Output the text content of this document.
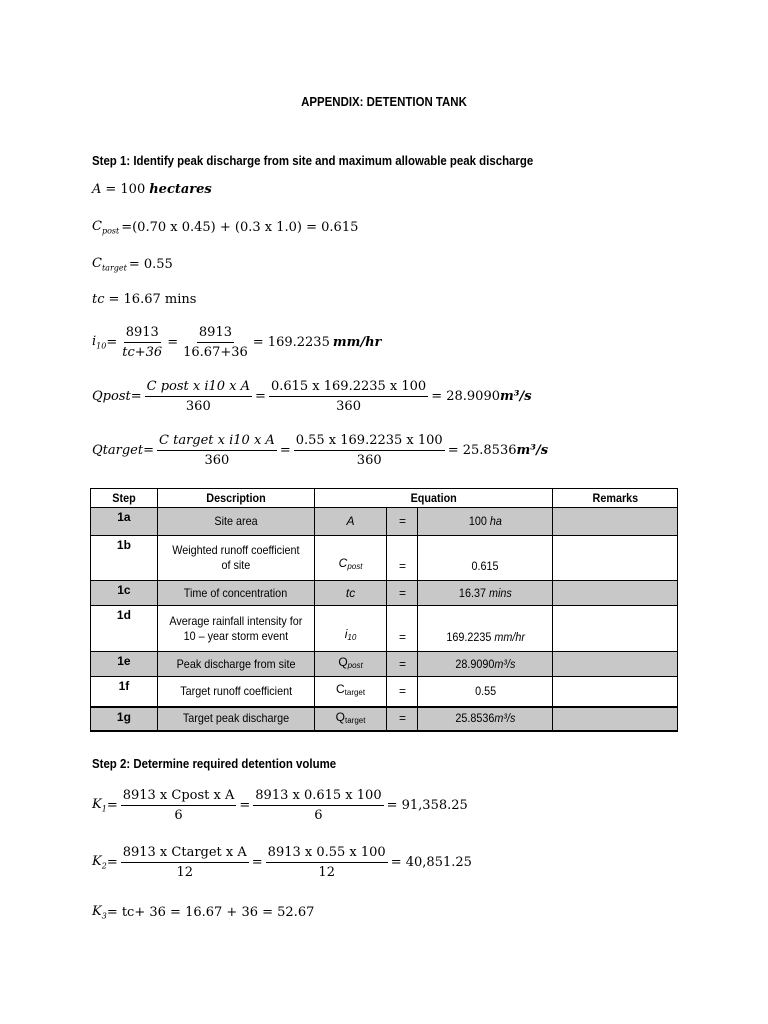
APPENDIX: DETENTION TANK
Step 1: Identify peak discharge from site and maximum allowable peak discharge
A = 100 hectares
$C_{post} =(0.70$ x 0.45) + (0.3 x 1.0) = 0.615
$C_{target} = 0.55$
tc = 16.67 mins
$i_{10} = \frac{8913}{tc+36} = \frac{8913}{16.67+36} = 169.2235$ mm/hr
Qpost = $\frac{\text{C post x i10 x A}}{360} = \frac{0.615 x 169.2235 x 100}{360} = 28.9090$ m³/s
Qtarget = $\frac{\text{C target x i10 x A}}{360} = \frac{0.55 x 169.2235 x 100}{360} = 25.8536$ m³/s
Step	Description	Equation			Remarks
1a	Site area	A	=	100 ha	
1b	Weighted runoff coefficient of site	$C_{post}$	=	0.615	
1c	Time of concentration	tc	=	16.37 mins	
1d	Average rainfall intensity for 10 – year storm event	$i_{10}$	=	169.2235 mm/hr	
1e	Peak discharge from site	$Q_{post}$	=	28.9090m³/s	
1f	Target runoff coefficient	$C_{target}$	=	0.55	
1g	Target peak discharge	$Q_{target}$	=	25.8536m³/s	
Step 2: Determine required detention volume
$K_1 = \frac{\text{8913 x Cpost x A}}{6} = \frac{8913 x 0.615 x 100}{6} = 91,358.25$
$K_2 = \frac{\text{8913 x Ctarget x A}}{12} = \frac{8913 x 0.55 x 100}{12} = 40,851.25$
$K_3 = tc+ 36 = 16.67 + 36 = 52.67$
